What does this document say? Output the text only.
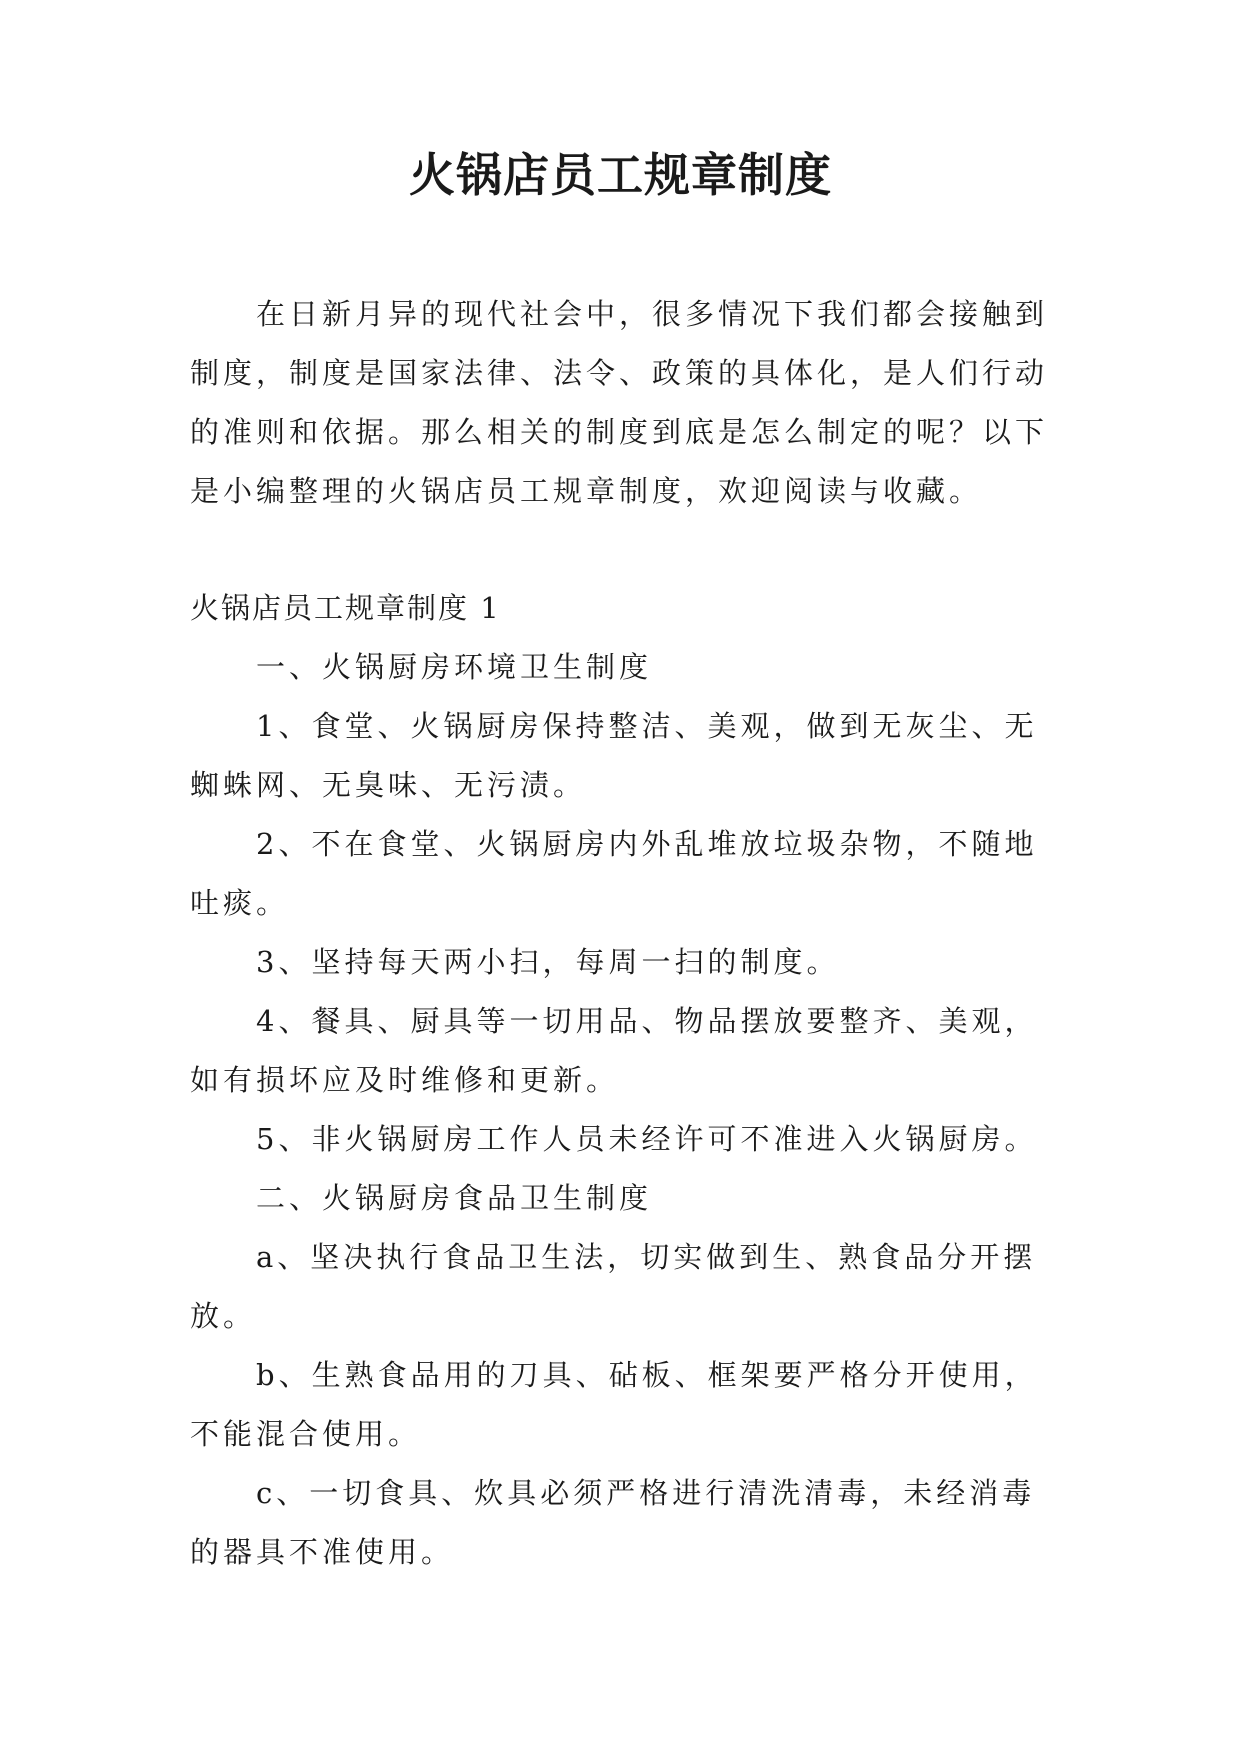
火锅店员工规章制度

在日新月异的现代社会中，很多情况下我们都会接触到制度，制度是国家法律、法令、政策的具体化，是人们行动的准则和依据。那么相关的制度到底是怎么制定的呢？以下是小编整理的火锅店员工规章制度，欢迎阅读与收藏。

火锅店员工规章制度 1

一、火锅厨房环境卫生制度

1、食堂、火锅厨房保持整洁、美观，做到无灰尘、无蜘蛛网、无臭味、无污渍。

2、不在食堂、火锅厨房内外乱堆放垃圾杂物，不随地吐痰。

3、坚持每天两小扫，每周一扫的制度。

4、餐具、厨具等一切用品、物品摆放要整齐、美观，如有损坏应及时维修和更新。

5、非火锅厨房工作人员未经许可不准进入火锅厨房。

二、火锅厨房食品卫生制度

a、坚决执行食品卫生法，切实做到生、熟食品分开摆放。

b、生熟食品用的刀具、砧板、框架要严格分开使用，不能混合使用。

c、一切食具、炊具必须严格进行清洗清毒，未经消毒的器具不准使用。
